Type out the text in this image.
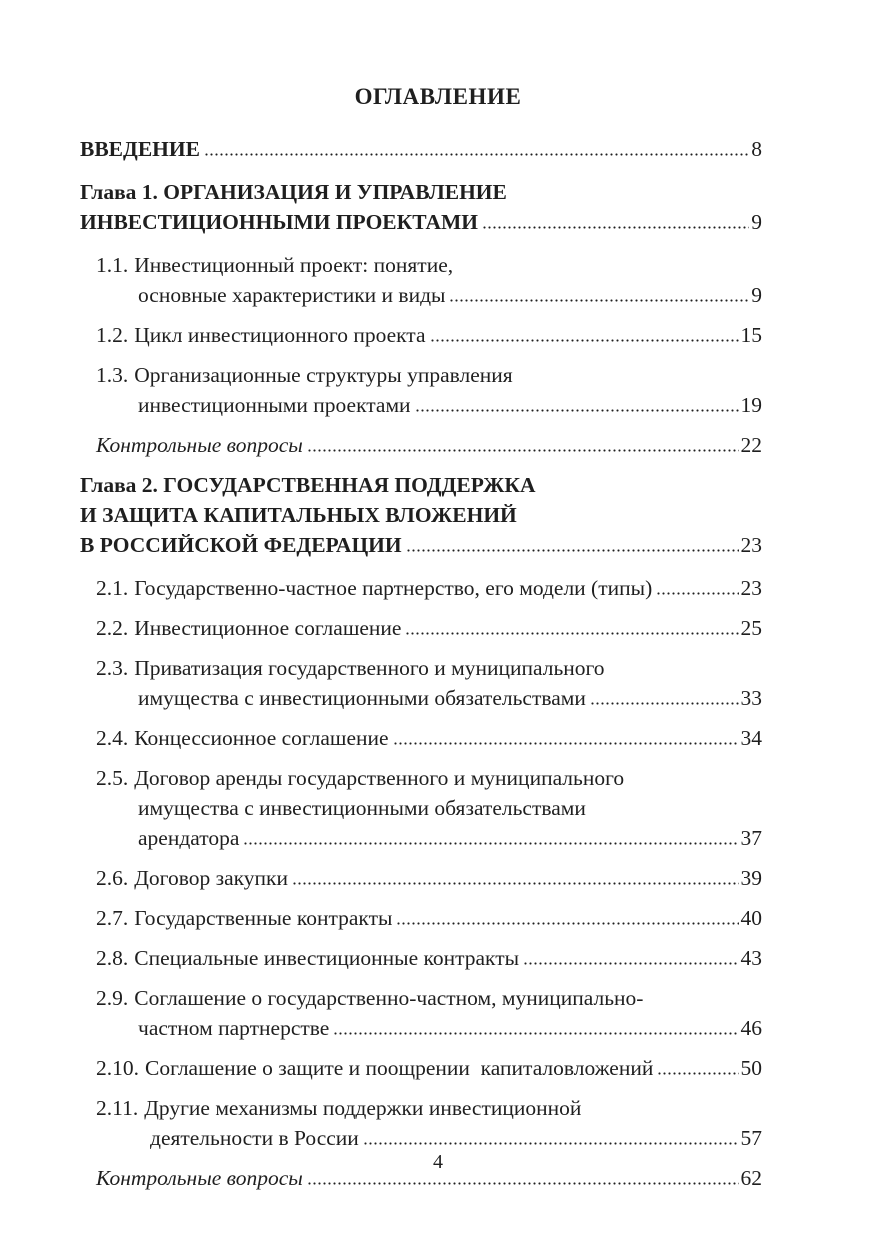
ОГЛАВЛЕНИЕ
ВВЕДЕНИЕ	8
Глава 1. ОРГАНИЗАЦИЯ И УПРАВЛЕНИЕ
ИНВЕСТИЦИОННЫМИ ПРОЕКТАМИ	9
1.1. Инвестиционный проект: понятие,
основные характеристики и виды	9
1.2. Цикл инвестиционного проекта	15
1.3. Организационные структуры управления
инвестиционными проектами	19
Контрольные вопросы	22
Глава 2. ГОСУДАРСТВЕННАЯ ПОДДЕРЖКА
И ЗАЩИТА КАПИТАЛЬНЫХ ВЛОЖЕНИЙ
В РОССИЙСКОЙ ФЕДЕРАЦИИ	23
2.1. Государственно-частное партнерство, его модели (типы)	23
2.2. Инвестиционное соглашение	25
2.3. Приватизация государственного и муниципального
имущества с инвестиционными обязательствами	33
2.4. Концессионное соглашение	34
2.5. Договор аренды государственного и муниципального
имущества с инвестиционными обязательствами
арендатора	37
2.6. Договор закупки	39
2.7. Государственные контракты	40
2.8. Специальные инвестиционные контракты	43
2.9. Соглашение о государственно-частном, муниципально-
частном партнерстве	46
2.10. Соглашение о защите и поощрении  капиталовложений	50
2.11. Другие механизмы поддержки инвестиционной
деятельности в России	57
Контрольные вопросы	62
4
